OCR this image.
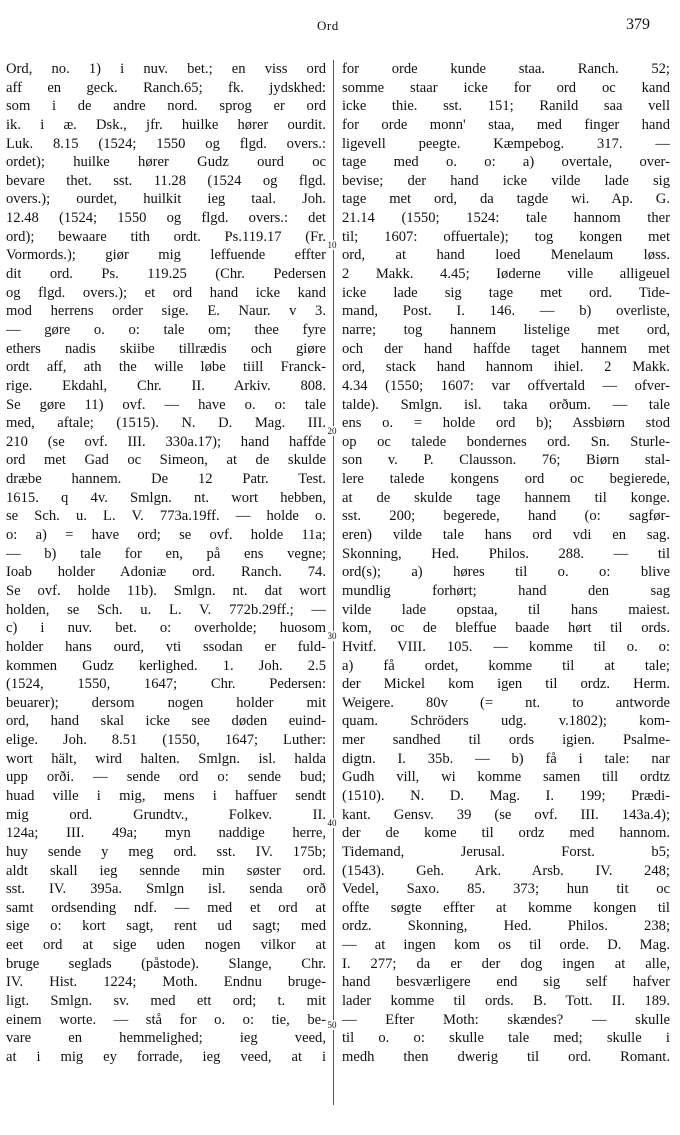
Ord	379
10
20
30
40
50
Ord, no. 1) i nuv. bet.; en viss ord
aff en geck. Ranch.65; fk. jydskhed:
som i de andre nord. sprog er ord
ik. i æ. Dsk., jfr. huilke hører ourdit.
Luk. 8.15 (1524; 1550 og flgd. overs.:
ordet); huilke hører Gudz ourd oc
bevare thet. sst. 11.28 (1524 og flgd.
overs.); ourdet, huilkit ieg taal. Joh.
12.48 (1524; 1550 og flgd. overs.: det
ord); bewaare tith ordt. Ps.119.17 (Fr.
Vormords.); giør mig leffuende effter
dit ord. Ps. 119.25 (Chr. Pedersen
og flgd. overs.); et ord hand icke kand
mod herrens order sige. E. Naur. v 3.
— gøre o. o: tale om; thee fyre
ethers nadis skiibe tillrædis och giøre
ordt aff, ath the wille løbe tiill Franck-
rige. Ekdahl, Chr. II. Arkiv. 808.
Se gøre 11) ovf. — have o. o: tale
med, aftale; (1515). N. D. Mag. III.
210 (se ovf. III. 330a.17); hand haffde
ord met Gad oc Simeon, at de skulde
dræbe hannem. De 12 Patr. Test.
1615. q 4v. Smlgn. nt. wort hebben,
se Sch. u. L. V. 773a.19ff. — holde o.
o: a) = have ord; se ovf. holde 11a;
— b) tale for en, på ens vegne;
Ioab holder Adoniæ ord. Ranch. 74.
Se ovf. holde 11b). Smlgn. nt. dat wort
holden, se Sch. u. L. V. 772b.29ff.; —
c) i nuv. bet. o: overholde; huosom
holder hans ourd, vti ssodan er fuld-
kommen Gudz kerlighed. 1. Joh. 2.5
(1524, 1550, 1647; Chr. Pedersen:
beuarer); dersom nogen holder mit
ord, hand skal icke see døden euind-
elige. Joh. 8.51 (1550, 1647; Luther:
wort hält, wird halten. Smlgn. isl. halda
upp orði. — sende ord o: sende bud;
huad ville i mig, mens i haffuer sendt
mig ord. Grundtv., Folkev. II.
124a; III. 49a; myn naddige herre,
huy sende y meg ord. sst. IV. 175b;
aldt skall ieg sennde min søster ord.
sst. IV. 395a. Smlgn isl. senda orð
samt ordsending ndf. — med et ord at
sige o: kort sagt, rent ud sagt; med
eet ord at sige uden nogen vilkor at
bruge seglads (påstode). Slange, Chr.
IV. Hist. 1224; Moth. Endnu bruge-
ligt. Smlgn. sv. med ett ord; t. mit
einem worte. — stå for o. o: tie, be-
vare en hemmelighed; ieg veed,
at i mig ey forrade, ieg veed, at i
for orde kunde staa. Ranch. 52;
somme staar icke for ord oc kand
icke thie. sst. 151; Ranild saa vell
for orde monn' staa, med finger hand
ligevell peegte. Kæmpebog. 317. —
tage med o. o: a) overtale, over-
bevise; der hand icke vilde lade sig
tage met ord, da tagde wi. Ap. G.
21.14 (1550; 1524: tale hannom ther
til; 1607: offuertale); tog kongen met
ord, at hand loed Menelaum løss.
2 Makk. 4.45; Iøderne ville alligeuel
icke lade sig tage met ord. Tide-
mand, Post. I. 146. — b) overliste,
narre; tog hannem listelige met ord,
och der hand haffde taget hannem met
ord, stack hand hannom ihiel. 2 Makk.
4.34 (1550; 1607: var offvertald — ofver-
talde). Smlgn. isl. taka orðum. — tale
ens o. = holde ord b); Assbiørn stod
op oc talede bondernes ord. Sn. Sturle-
son v. P. Clausson. 76; Biørn stal-
lere talede kongens ord oc begierede,
at de skulde tage hannem til konge.
sst. 200; begerede, hand (o: sagfør-
eren) vilde tale hans ord vdi en sag.
Skonning, Hed. Philos. 288. — til
ord(s); a) høres til o. o: blive
mundlig forhørt; hand den sag
vilde lade opstaa, til hans maiest.
kom, oc de bleffue baade hørt til ords.
Hvitf. VIII. 105. — komme til o. o:
a) få ordet, komme til at tale;
der Mickel kom igen til ordz. Herm.
Weigere. 80v (= nt. to antworde
quam. Schröders udg. v.1802); kom-
mer sandhed til ords igien. Psalme-
digtn. I. 35b. — b) få i tale: nar
Gudh vill, wi komme samen till ordtz
(1510). N. D. Mag. I. 199; Prædi-
kant. Gensv. 39 (se ovf. III. 143a.4);
der de kome til ordz med hannom.
Tidemand, Jerusal. Forst. b5;
(1543). Geh. Ark. Arsb. IV. 248;
Vedel, Saxo. 85. 373; hun tit oc
offte søgte effter at komme kongen til
ordz. Skonning, Hed. Philos. 238;
— at ingen kom os til orde. D. Mag.
I. 277; da er der dog ingen at alle,
hand besværligere end sig self hafver
lader komme til ords. B. Tott. II. 189.
— Efter Moth: skændes? — skulle
til o. o: skulle tale med; skulle i
medh then dwerig til ord. Romant.
